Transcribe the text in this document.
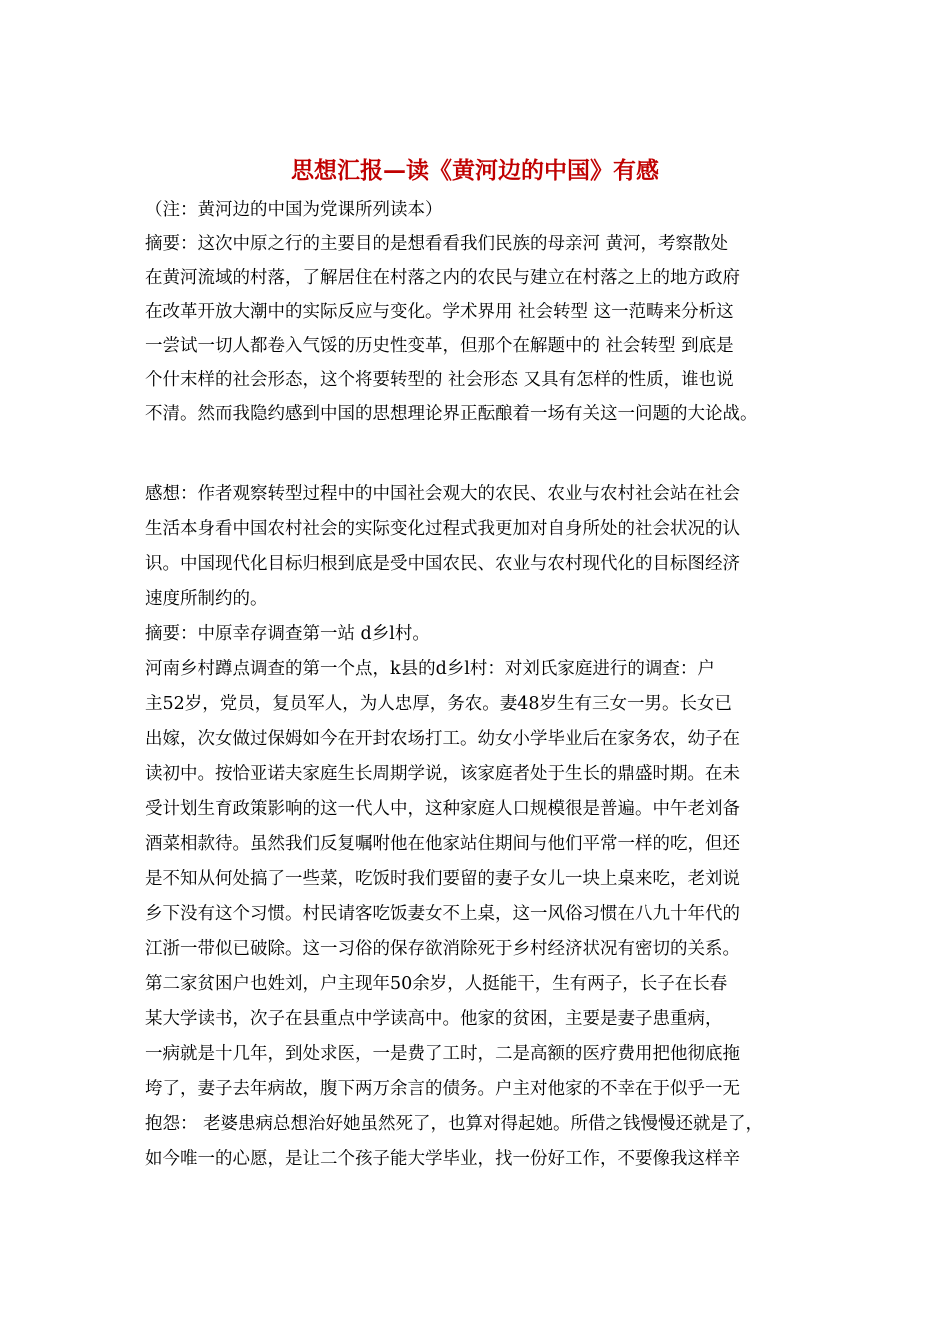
思想汇报—读《黄河边的中国》有感
（注：黄河边的中国为党课所列读本）
摘要：这次中原之行的主要目的是想看看我们民族的母亲河 黄河，考察散处
在黄河流域的村落，了解居住在村落之内的农民与建立在村落之上的地方政府
在改革开放大潮中的实际反应与变化。学术界用 社会转型 这一范畴来分析这
一尝试一切人都卷入气馁的历史性变革，但那个在解题中的 社会转型 到底是
个什末样的社会形态，这个将要转型的 社会形态 又具有怎样的性质，谁也说
不清。然而我隐约感到中国的思想理论界正酝酿着一场有关这一问题的大论战。
感想：作者观察转型过程中的中国社会观大的农民、农业与农村社会站在社会
生活本身看中国农村社会的实际变化过程式我更加对自身所处的社会状况的认
识。中国现代化目标归根到底是受中国农民、农业与农村现代化的目标图经济
速度所制约的。
摘要：中原幸存调查第一站 d乡l村。
河南乡村蹲点调查的第一个点，k县的d乡l村：对刘氏家庭进行的调查：户
主52岁，党员，复员军人，为人忠厚，务农。妻48岁生有三女一男。长女已
出嫁，次女做过保姆如今在开封农场打工。幼女小学毕业后在家务农，幼子在
读初中。按恰亚诺夫家庭生长周期学说，该家庭者处于生长的鼎盛时期。在未
受计划生育政策影响的这一代人中，这种家庭人口规模很是普遍。中午老刘备
酒菜相款待。虽然我们反复嘱咐他在他家站住期间与他们平常一样的吃，但还
是不知从何处搞了一些菜，吃饭时我们要留的妻子女儿一块上桌来吃，老刘说
乡下没有这个习惯。村民请客吃饭妻女不上桌，这一风俗习惯在八九十年代的
江浙一带似已破除。这一习俗的保存欲消除死于乡村经济状况有密切的关系。
第二家贫困户也姓刘，户主现年50余岁，人挺能干，生有两子，长子在长春
某大学读书，次子在县重点中学读高中。他家的贫困，主要是妻子患重病，
一病就是十几年，到处求医，一是费了工时，二是高额的医疗费用把他彻底拖
垮了，妻子去年病故，腹下两万余言的债务。户主对他家的不幸在于似乎一无
抱怨： 老婆患病总想治好她虽然死了，也算对得起她。所借之钱慢慢还就是了，
如今唯一的心愿，是让二个孩子能大学毕业，找一份好工作，不要像我这样辛
